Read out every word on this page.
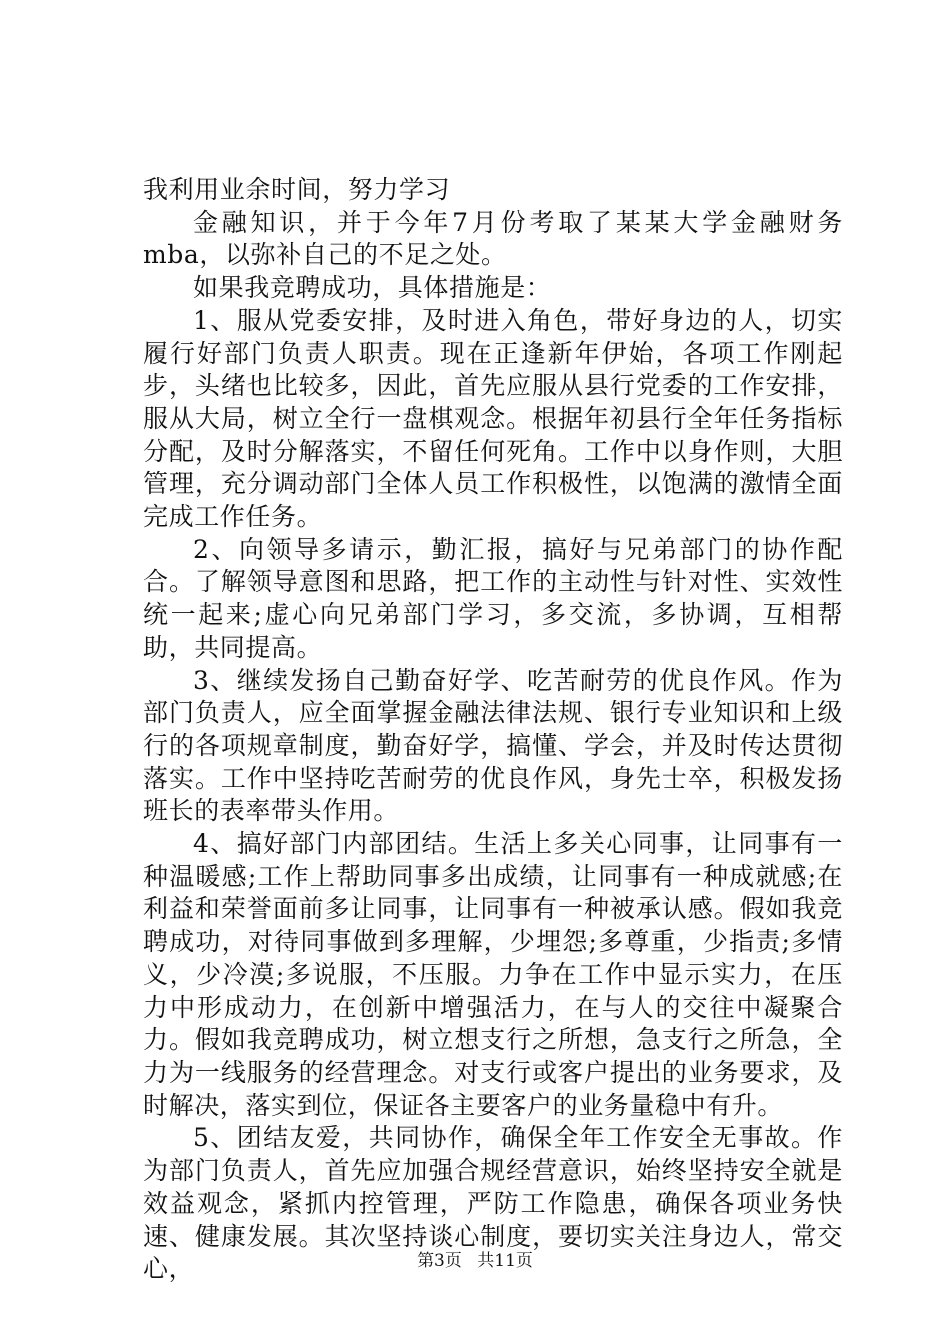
我利用业余时间，努力学习

金融知识，并于今年7月份考取了某某大学金融财务mba，以弥补自己的不足之处。

如果我竞聘成功，具体措施是：

1、服从党委安排，及时进入角色，带好身边的人，切实履行好部门负责人职责。现在正逢新年伊始，各项工作刚起步，头绪也比较多，因此，首先应服从县行党委的工作安排，服从大局，树立全行一盘棋观念。根据年初县行全年任务指标分配，及时分解落实，不留任何死角。工作中以身作则，大胆管理，充分调动部门全体人员工作积极性，以饱满的激情全面完成工作任务。

2、向领导多请示，勤汇报，搞好与兄弟部门的协作配合。了解领导意图和思路，把工作的主动性与针对性、实效性统一起来;虚心向兄弟部门学习，多交流，多协调，互相帮助，共同提高。

3、继续发扬自己勤奋好学、吃苦耐劳的优良作风。作为部门负责人，应全面掌握金融法律法规、银行专业知识和上级行的各项规章制度，勤奋好学，搞懂、学会，并及时传达贯彻落实。工作中坚持吃苦耐劳的优良作风，身先士卒，积极发扬班长的表率带头作用。

4、搞好部门内部团结。生活上多关心同事，让同事有一种温暖感;工作上帮助同事多出成绩，让同事有一种成就感;在利益和荣誉面前多让同事，让同事有一种被承认感。假如我竞聘成功，对待同事做到多理解，少埋怨;多尊重，少指责;多情义，少冷漠;多说服，不压服。力争在工作中显示实力，在压力中形成动力，在创新中增强活力，在与人的交往中凝聚合力。假如我竞聘成功，树立想支行之所想，急支行之所急，全力为一线服务的经营理念。对支行或客户提出的业务要求，及时解决，落实到位，保证各主要客户的业务量稳中有升。

5、团结友爱，共同协作，确保全年工作安全无事故。作为部门负责人，首先应加强合规经营意识，始终坚持安全就是效益观念，紧抓内控管理，严防工作隐患，确保各项业务快速、健康发展。其次坚持谈心制度，要切实关注身边人，常交心，	第3页 共11页
